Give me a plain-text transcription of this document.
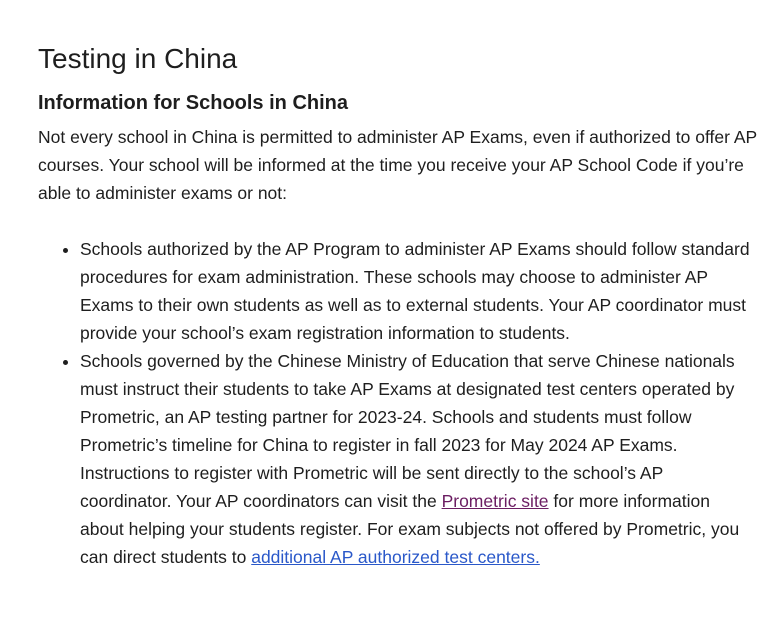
Testing in China
Information for Schools in China

Not every school in China is permitted to administer AP Exams, even if authorized to offer AP courses. Your school will be informed at the time you receive your AP School Code if you’re able to administer exams or not:

• Schools authorized by the AP Program to administer AP Exams should follow standard procedures for exam administration. These schools may choose to administer AP Exams to their own students as well as to external students. Your AP coordinator must provide your school’s exam registration information to students.
• Schools governed by the Chinese Ministry of Education that serve Chinese nationals must instruct their students to take AP Exams at designated test centers operated by Prometric, an AP testing partner for 2023-24. Schools and students must follow Prometric’s timeline for China to register in fall 2023 for May 2024 AP Exams. Instructions to register with Prometric will be sent directly to the school’s AP coordinator. Your AP coordinators can visit the Prometric site for more information about helping your students register. For exam subjects not offered by Prometric, you can direct students to additional AP authorized test centers.
